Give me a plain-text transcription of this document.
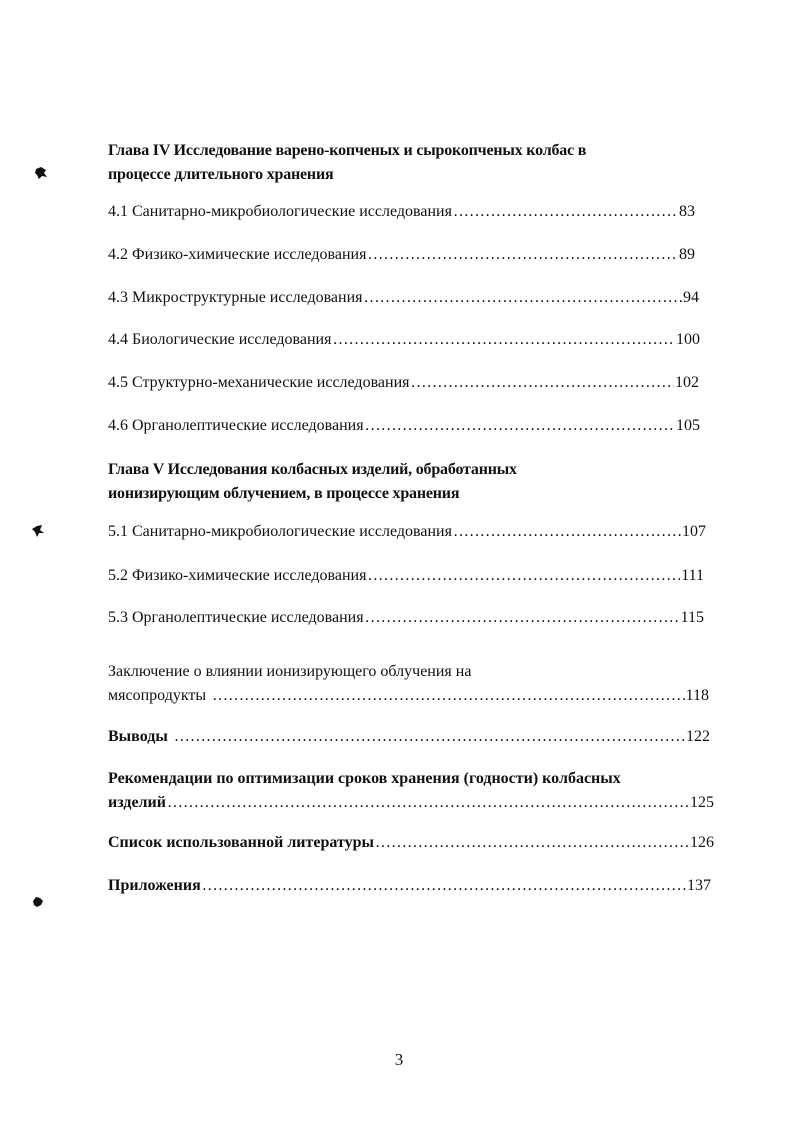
Глава IV Исследование варено-копченых и сырокопченых колбас в
процессе длительного хранения
4.1 Санитарно-микробиологические исследования ……………………………………………………………………………………………………………………………………………………………	83
4.2 Физико-химические исследования ……………………………………………………………………………………………………………………………………………………………	89
4.3 Микроструктурные исследования ……………………………………………………………………………………………………………………………………………………………	94
4.4 Биологические исследования ……………………………………………………………………………………………………………………………………………………………	100
4.5 Структурно-механические исследования ……………………………………………………………………………………………………………………………………………………………	102
4.6 Органолептические исследования ……………………………………………………………………………………………………………………………………………………………	105
Глава V Исследования колбасных изделий, обработанных
ионизирующим облучением, в процессе хранения
5.1 Санитарно-микробиологические исследования ……………………………………………………………………………………………………………………………………………………………	107
5.2 Физико-химические исследования ……………………………………………………………………………………………………………………………………………………………	111
5.3 Органолептические исследования ……………………………………………………………………………………………………………………………………………………………	115
Заключение о влиянии ионизирующего облучения на
мясопродукты ……………………………………………………………………………………………………………………………………………………………	118
Выводы ……………………………………………………………………………………………………………………………………………………………	122
Рекомендации по оптимизации сроков хранения (годности) колбасных
изделий ……………………………………………………………………………………………………………………………………………………………	125
Список использованной литературы ……………………………………………………………………………………………………………………………………………………………	126
Приложения ……………………………………………………………………………………………………………………………………………………………	137
3
